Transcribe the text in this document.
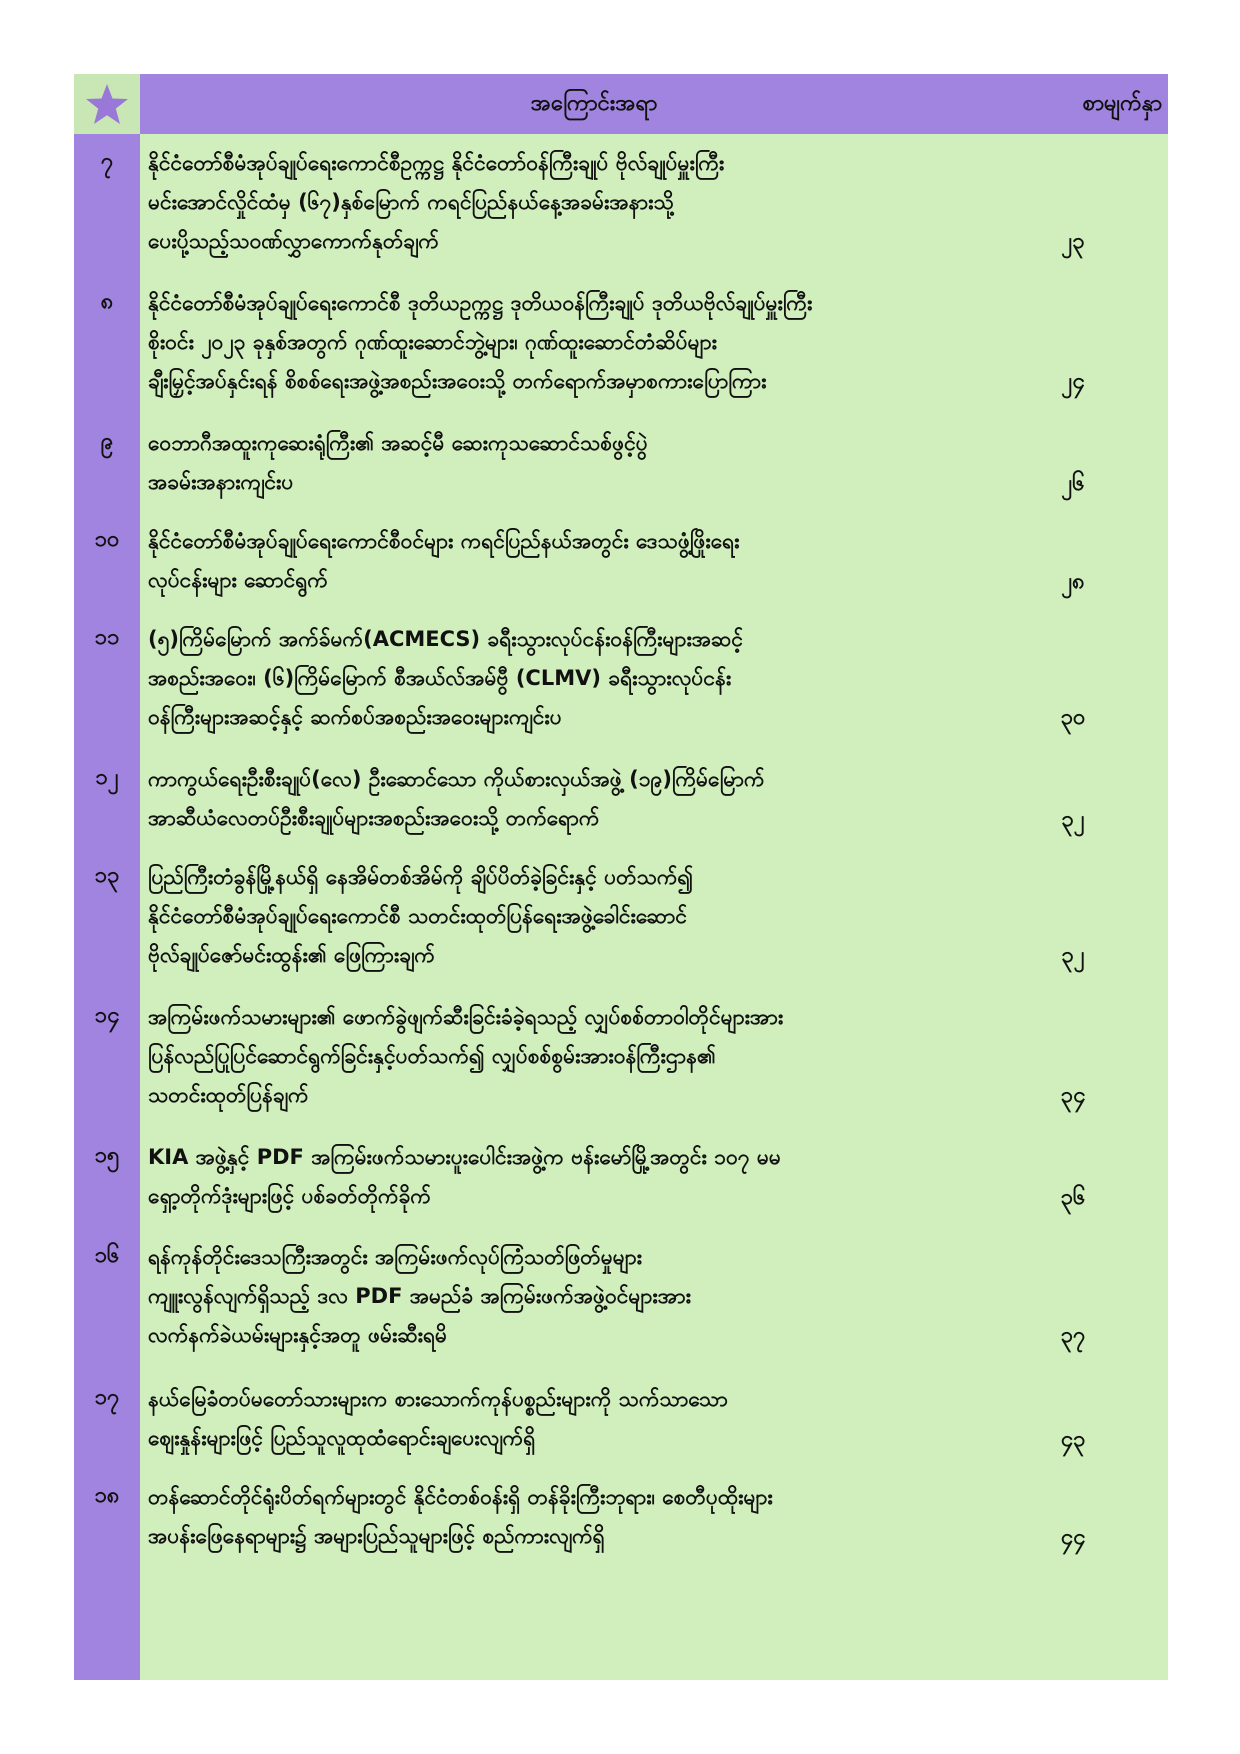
အကြောင်းအရာ	စာမျက်နှာ
၇	နိုင်ငံတော်စီမံအုပ်ချုပ်ရေးကောင်စီဥက္ကဋ္ဌ နိုင်ငံတော်ဝန်ကြီးချုပ် ဗိုလ်ချုပ်မှူးကြီး
မင်းအောင်လှိုင်ထံမှ (၆၇)နှစ်မြောက် ကရင်ပြည်နယ်နေ့အခမ်းအနားသို့
ပေးပို့သည့်သဝဏ်လွှာကောက်နုတ်ချက်	၂၃
၈	နိုင်ငံတော်စီမံအုပ်ချုပ်ရေးကောင်စီ ဒုတိယဥက္ကဋ္ဌ ဒုတိယဝန်ကြီးချုပ် ဒုတိယဗိုလ်ချုပ်မှူးကြီး
စိုးဝင်း ၂၀၂၃ ခုနှစ်အတွက် ဂုဏ်ထူးဆောင်ဘွဲ့များ၊ ဂုဏ်ထူးဆောင်တံဆိပ်များ
ချီးမြှင့်အပ်နှင်းရန် စိစစ်ရေးအဖွဲ့အစည်းအဝေးသို့ တက်ရောက်အမှာစကားပြောကြား	၂၄
၉	ဝေဘာဂီအထူးကုဆေးရုံကြီး၏ အဆင့်မီ ဆေးကုသဆောင်သစ်ဖွင့်ပွဲ
အခမ်းအနားကျင်းပ	၂၆
၁၀	နိုင်ငံတော်စီမံအုပ်ချုပ်ရေးကောင်စီဝင်များ ကရင်ပြည်နယ်အတွင်း ဒေသဖွံ့ဖြိုးရေး
လုပ်ငန်းများ ဆောင်ရွက်	၂၈
၁၁	(၅)ကြိမ်မြောက် အက်ခ်မက်(ACMECS) ခရီးသွားလုပ်ငန်းဝန်ကြီးများအဆင့်
အစည်းအဝေး၊ (၆)ကြိမ်မြောက် စီအယ်လ်အမ်ဗွီ (CLMV) ခရီးသွားလုပ်ငန်း
ဝန်ကြီးများအဆင့်နှင့် ဆက်စပ်အစည်းအဝေးများကျင်းပ	၃၀
၁၂	ကာကွယ်ရေးဦးစီးချုပ်(လေ) ဦးဆောင်သော ကိုယ်စားလှယ်အဖွဲ့ (၁၉)ကြိမ်မြောက်
အာဆီယံလေတပ်ဦးစီးချုပ်များအစည်းအဝေးသို့ တက်ရောက်	၃၂
၁၃	ပြည်ကြီးတံခွန်မြို့နယ်ရှိ နေအိမ်တစ်အိမ်ကို ချိပ်ပိတ်ခဲ့ခြင်းနှင့် ပတ်သက်၍
နိုင်ငံတော်စီမံအုပ်ချုပ်ရေးကောင်စီ သတင်းထုတ်ပြန်ရေးအဖွဲ့ခေါင်းဆောင်
ဗိုလ်ချုပ်ဇော်မင်းထွန်း၏ ဖြေကြားချက်	၃၂
၁၄	အကြမ်းဖက်သမားများ၏ ဖောက်ခွဲဖျက်ဆီးခြင်းခံခဲ့ရသည့် လျှပ်စစ်တာဝါတိုင်များအား
ပြန်လည်ပြုပြင်ဆောင်ရွက်ခြင်းနှင့်ပတ်သက်၍ လျှပ်စစ်စွမ်းအားဝန်ကြီးဌာန၏
သတင်းထုတ်ပြန်ချက်	၃၄
၁၅	KIA အဖွဲ့နှင့် PDF အကြမ်းဖက်သမားပူးပေါင်းအဖွဲ့က ဗန်းမော်မြို့အတွင်း ၁၀၇ မမ
ရှော့တိုက်ဒုံးများဖြင့် ပစ်ခတ်တိုက်ခိုက်	၃၆
၁၆	ရန်ကုန်တိုင်းဒေသကြီးအတွင်း အကြမ်းဖက်လုပ်ကြံသတ်ဖြတ်မှုများ
ကျူးလွန်လျက်ရှိသည့် ဒလ PDF အမည်ခံ အကြမ်းဖက်အဖွဲ့ဝင်များအား
လက်နက်ခဲယမ်းများနှင့်အတူ ဖမ်းဆီးရမိ	၃၇
၁၇	နယ်မြေခံတပ်မတော်သားများက စားသောက်ကုန်ပစ္စည်းများကို သက်သာသော
ဈေးနှုန်းများဖြင့် ပြည်သူလူထုထံရောင်းချပေးလျက်ရှိ	၄၃
၁၈	တန်ဆောင်တိုင်ရုံးပိတ်ရက်များတွင် နိုင်ငံတစ်ဝန်းရှိ တန်ခိုးကြီးဘုရား၊ စေတီပုထိုးများ
အပန်းဖြေနေရာများ၌ အများပြည်သူများဖြင့် စည်ကားလျက်ရှိ	၄၄
